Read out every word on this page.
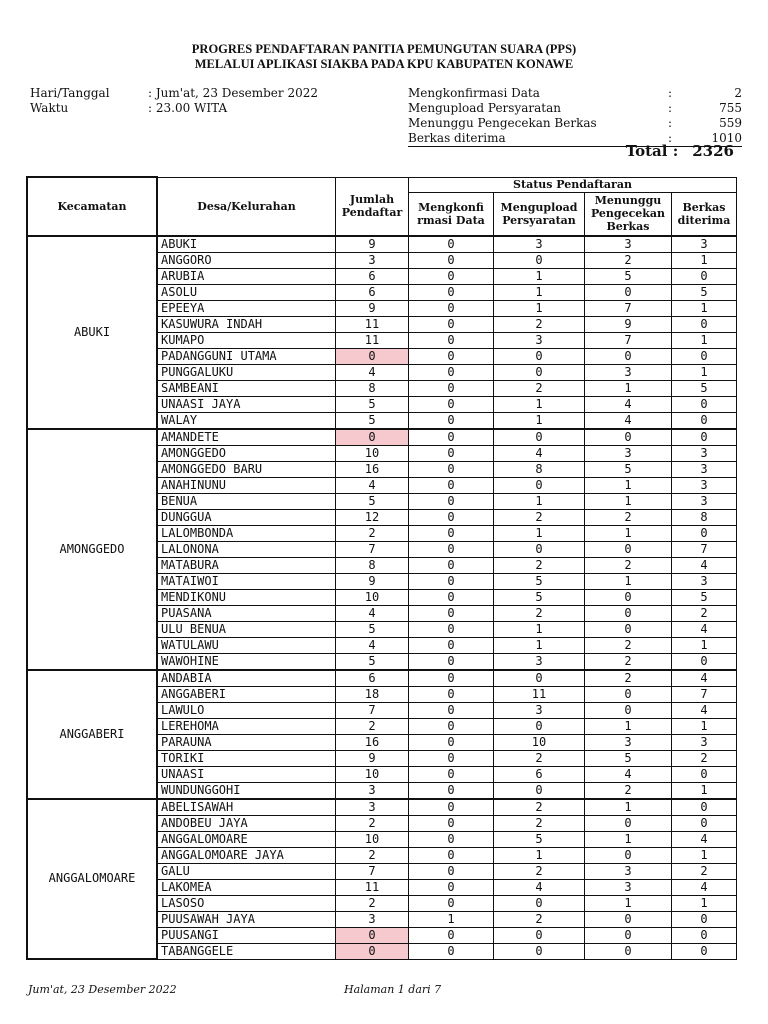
PROGRES PENDAFTARAN PANITIA PEMUNGUTAN SUARA (PPS)
MELALUI APLIKASI SIAKBA PADA KPU KABUPATEN KONAWE
Hari/Tanggal	: Jum'at, 23 Desember 2022
Waktu	: 23.00 WITA
Mengkonfirmasi Data	:	2
Mengupload Persyaratan	:	755
Menunggu Pengecekan Berkas	:	559
Berkas diterima	:	1010
Total : 2326
Kecamatan	Desa/Kelurahan	Jumlah Pendaftar	Status Pendaftaran			
			Mengkonfi rmasi Data	Mengupload Persyaratan	Menunggu Pengecekan Berkas	Berkas diterima
ABUKI	ABUKI	9	0	3	3	3
	ANGGORO	3	0	0	2	1
	ARUBIA	6	0	1	5	0
	ASOLU	6	0	1	0	5
	EPEEYA	9	0	1	7	1
	KASUWURA INDAH	11	0	2	9	0
	KUMAPO	11	0	3	7	1
	PADANGGUNI UTAMA	0	0	0	0	0
	PUNGGALUKU	4	0	0	3	1
	SAMBEANI	8	0	2	1	5
	UNAASI JAYA	5	0	1	4	0
	WALAY	5	0	1	4	0
AMONGGEDO	AMANDETE	0	0	0	0	0
	AMONGGEDO	10	0	4	3	3
	AMONGGEDO BARU	16	0	8	5	3
	ANAHINUNU	4	0	0	1	3
	BENUA	5	0	1	1	3
	DUNGGUA	12	0	2	2	8
	LALOMBONDA	2	0	1	1	0
	LALONONA	7	0	0	0	7
	MATABURA	8	0	2	2	4
	MATAIWOI	9	0	5	1	3
	MENDIKONU	10	0	5	0	5
	PUASANA	4	0	2	0	2
	ULU BENUA	5	0	1	0	4
	WATULAWU	4	0	1	2	1
	WAWOHINE	5	0	3	2	0
ANGGABERI	ANDABIA	6	0	0	2	4
	ANGGABERI	18	0	11	0	7
	LAWULO	7	0	3	0	4
	LEREHOMA	2	0	0	1	1
	PARAUNA	16	0	10	3	3
	TORIKI	9	0	2	5	2
	UNAASI	10	0	6	4	0
	WUNDUNGGOHI	3	0	0	2	1
ANGGALOMOARE	ABELISAWAH	3	0	2	1	0
	ANDOBEU JAYA	2	0	2	0	0
	ANGGALOMOARE	10	0	5	1	4
	ANGGALOMOARE JAYA	2	0	1	0	1
	GALU	7	0	2	3	2
	LAKOMEA	11	0	4	3	4
	LASOSO	2	0	0	1	1
	PUUSAWAH JAYA	3	1	2	0	0
	PUUSANGI	0	0	0	0	0
	TABANGGELE	0	0	0	0	0
Jum'at, 23 Desember 2022	Halaman 1 dari 7
